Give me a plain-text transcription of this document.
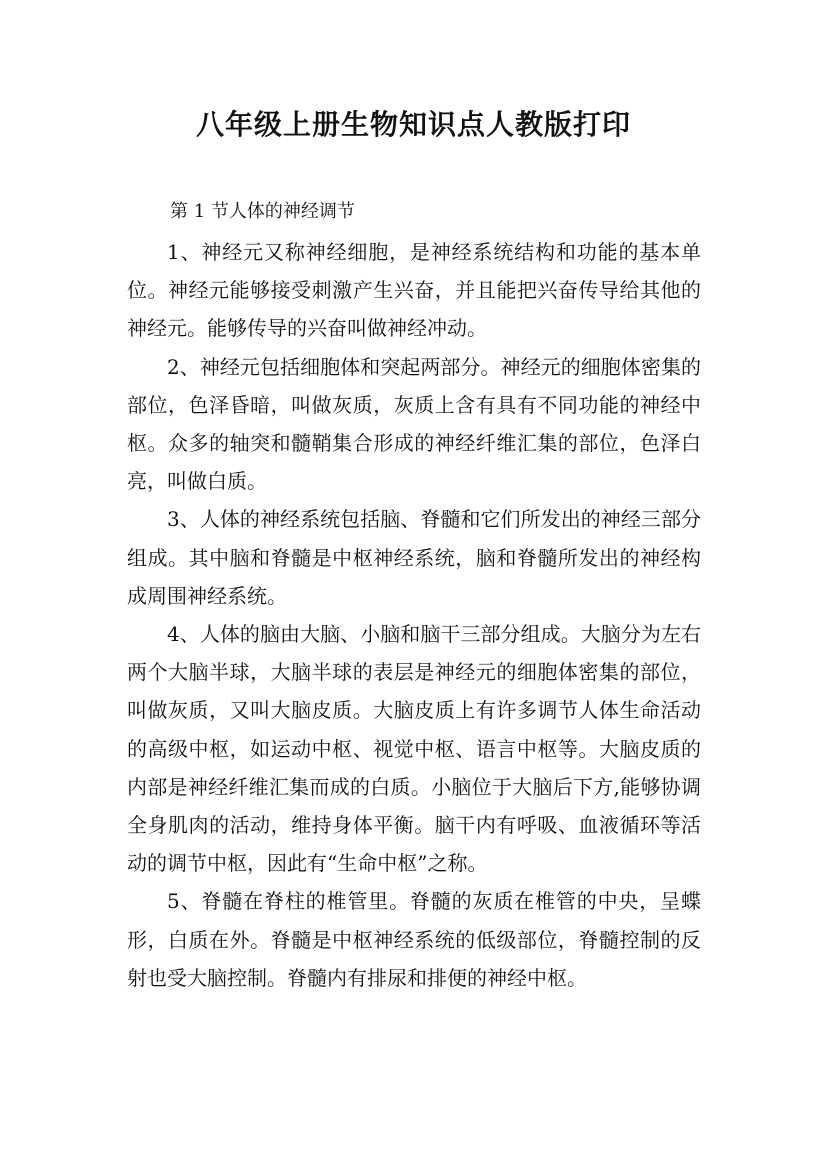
八年级上册生物知识点人教版打印

第 1 节人体的神经调节

1、神经元又称神经细胞，是神经系统结构和功能的基本单位。神经元能够接受刺激产生兴奋，并且能把兴奋传导给其他的神经元。能够传导的兴奋叫做神经冲动。

2、神经元包括细胞体和突起两部分。神经元的细胞体密集的部位，色泽昏暗，叫做灰质，灰质上含有具有不同功能的神经中枢。众多的轴突和髓鞘集合形成的神经纤维汇集的部位，色泽白亮，叫做白质。

3、人体的神经系统包括脑、脊髓和它们所发出的神经三部分组成。其中脑和脊髓是中枢神经系统，脑和脊髓所发出的神经构成周围神经系统。

4、人体的脑由大脑、小脑和脑干三部分组成。大脑分为左右两个大脑半球，大脑半球的表层是神经元的细胞体密集的部位，叫做灰质，又叫大脑皮质。大脑皮质上有许多调节人体生命活动的高级中枢，如运动中枢、视觉中枢、语言中枢等。大脑皮质的内部是神经纤维汇集而成的白质。小脑位于大脑后下方,能够协调全身肌肉的活动，维持身体平衡。脑干内有呼吸、血液循环等活动的调节中枢，因此有“生命中枢”之称。

5、脊髓在脊柱的椎管里。脊髓的灰质在椎管的中央，呈蝶形，白质在外。脊髓是中枢神经系统的低级部位，脊髓控制的反射也受大脑控制。脊髓内有排尿和排便的神经中枢。
